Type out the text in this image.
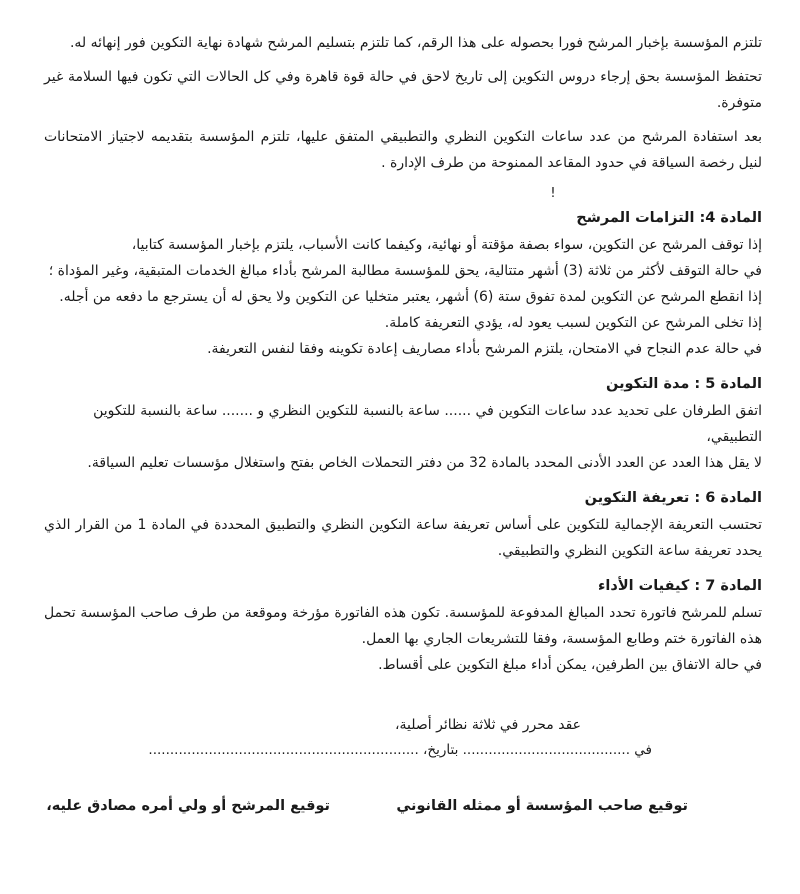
تلتزم المؤسسة بإخبار المرشح فورا بحصوله على هذا الرقم، كما تلتزم بتسليم المرشح شهادة نهاية التكوين فور إنهائه له.

تحتفظ المؤسسة بحق إرجاء دروس التكوين إلى تاريخ لاحق في حالة قوة قاهرة وفي كل الحالات التي تكون فيها السلامة غير متوفرة.

بعد استفادة المرشح من عدد ساعات التكوين النظري والتطبيقي المتفق عليها، تلتزم المؤسسة بتقديمه لاجتياز الامتحانات لنيل رخصة السياقة في حدود المقاعد الممنوحة من طرف الإدارة .

!

المادة 4: التزامات المرشح

إذا توقف المرشح عن التكوين، سواء بصفة مؤقتة أو نهائية، وكيفما كانت الأسباب، يلتزم بإخبار المؤسسة كتابيا،

في حالة التوقف لأكثر من ثلاثة (3) أشهر متتالية، يحق للمؤسسة مطالبة المرشح بأداء مبالغ الخدمات المتبقية، وغير المؤداة ؛

إذا انقطع المرشح عن التكوين لمدة تفوق ستة (6) أشهر، يعتبر متخليا عن التكوين ولا يحق له أن يسترجع ما دفعه من أجله.

إذا تخلى المرشح عن التكوين لسبب يعود له، يؤدي التعريفة كاملة.

في حالة عدم النجاح في الامتحان، يلتزم المرشح بأداء مصاريف إعادة تكوينه وفقا لنفس التعريفة.

المادة 5 : مدة التكوين

اتفق الطرفان على تحديد عدد ساعات التكوين في ...... ساعة بالنسبة للتكوين النظري و ....... ساعة بالنسبة للتكوين التطبيقي،

لا يقل هذا العدد عن العدد الأدنى المحدد بالمادة 32 من دفتر التحملات الخاص بفتح واستغلال مؤسسات تعليم السياقة.

المادة 6 : تعريفة التكوين

تحتسب التعريفة الإجمالية للتكوين على أساس تعريفة ساعة التكوين النظري والتطبيق المحددة في المادة 1 من القرار الذي يحدد تعريفة ساعة التكوين النظري والتطبيقي.

المادة 7 : كيفيات الأداء

تسلم للمرشح فاتورة تحدد المبالغ المدفوعة للمؤسسة. تكون هذه الفاتورة مؤرخة وموقعة من طرف صاحب المؤسسة تحمل هذه الفاتورة ختم وطابع المؤسسة، وفقا للتشريعات الجاري بها العمل.

في حالة الاتفاق بين الطرفين، يمكن أداء مبلغ التكوين على أقساط.

عقد محرر في ثلاثة نظائر أصلية،

في ....................................... بتاريخ، ...............................................................

توقيع صاحب المؤسسة أو ممثله القانوني
توقيع المرشح أو ولي أمره مصادق عليه،
